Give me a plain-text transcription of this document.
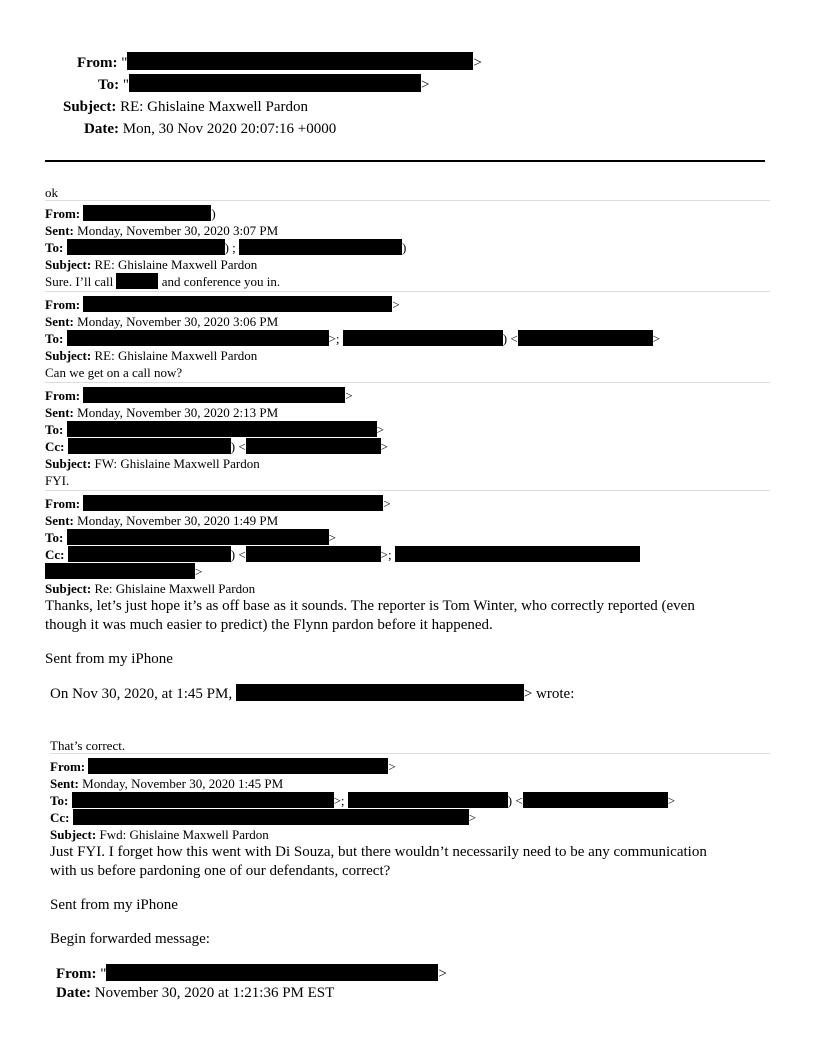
From: "	>
To: "	>
Subject: RE: Ghislaine Maxwell Pardon
Date: Mon, 30 Nov 2020 20:07:16 +0000
ok
From:	)
Sent: Monday, November 30, 2020 3:07 PM
To:	) ;	)
Subject: RE: Ghislaine Maxwell Pardon
Sure. I’ll call	and conference you in.
From:	>
Sent: Monday, November 30, 2020 3:06 PM
To:	>;	) <	>
Subject: RE: Ghislaine Maxwell Pardon
Can we get on a call now?
From:	>
Sent: Monday, November 30, 2020 2:13 PM
To:	>
Cc:	) <	>
Subject: FW: Ghislaine Maxwell Pardon
FYI.
From:	>
Sent: Monday, November 30, 2020 1:49 PM
To:	>
Cc:	) <	>;
>
Subject: Re: Ghislaine Maxwell Pardon
Thanks, let’s just hope it’s as off base as it sounds. The reporter is Tom Winter, who correctly reported (even
though it was much easier to predict) the Flynn pardon before it happened.
Sent from my iPhone
On Nov 30, 2020, at 1:45 PM,	> wrote:
That’s correct.
From:	>
Sent: Monday, November 30, 2020 1:45 PM
To:	>;	) <	>
Cc:	>
Subject: Fwd: Ghislaine Maxwell Pardon
Just FYI. I forget how this went with Di Souza, but there wouldn’t necessarily need to be any communication
with us before pardoning one of our defendants, correct?
Sent from my iPhone
Begin forwarded message:
From: "	>
Date: November 30, 2020 at 1:21:36 PM EST
